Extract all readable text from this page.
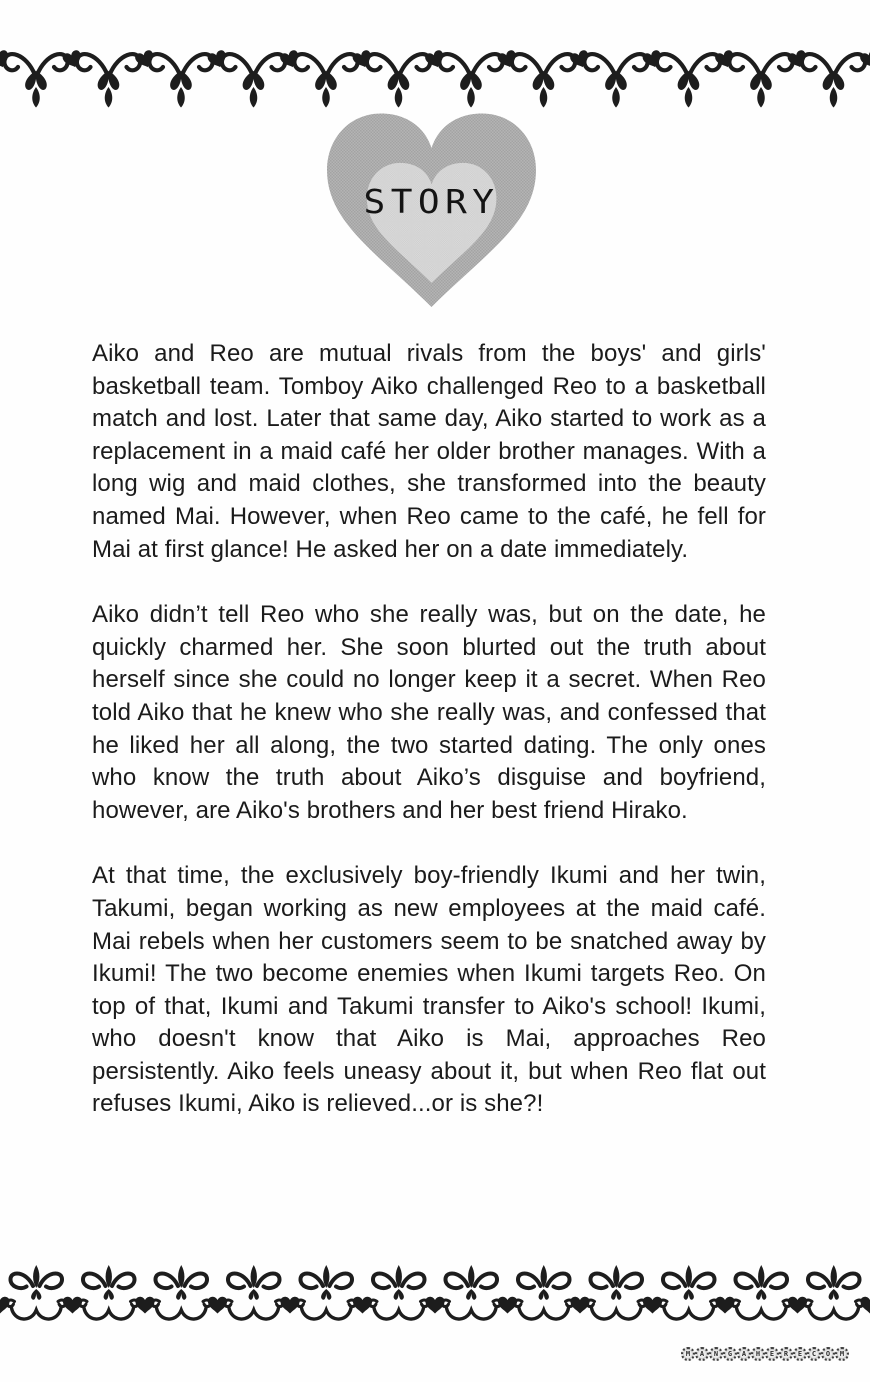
STORY

Aiko and Reo are mutual rivals from the boys' and girls' basketball team. Tomboy Aiko challenged Reo to a basketball match and lost. Later that same day, Aiko started to work as a replacement in a maid café her older brother manages. With a long wig and maid clothes, she transformed into the beauty named Mai. However, when Reo came to the café, he fell for Mai at first glance! He asked her on a date immediately.

Aiko didn’t tell Reo who she really was, but on the date, he quickly charmed her. She soon blurted out the truth about herself since she could no longer keep it a secret. When Reo told Aiko that he knew who she really was, and confessed that he liked her all along, the two started dating. The only ones who know the truth about Aiko’s disguise and boyfriend, however, are Aiko's brothers and her best friend Hirako.

At that time, the exclusively boy-friendly Ikumi and her twin, Takumi, began working as new employees at the maid café. Mai rebels when her customers seem to be snatched away by Ikumi! The two become enemies when Ikumi targets Reo. On top of that, Ikumi and Takumi transfer to Aiko's school! Ikumi, who doesn't know that Aiko is Mai, approaches Reo persistently. Aiko feels uneasy about it, but when Reo flat out refuses Ikumi, Aiko is relieved...or is she?!

M A N G A H E R E C O M
